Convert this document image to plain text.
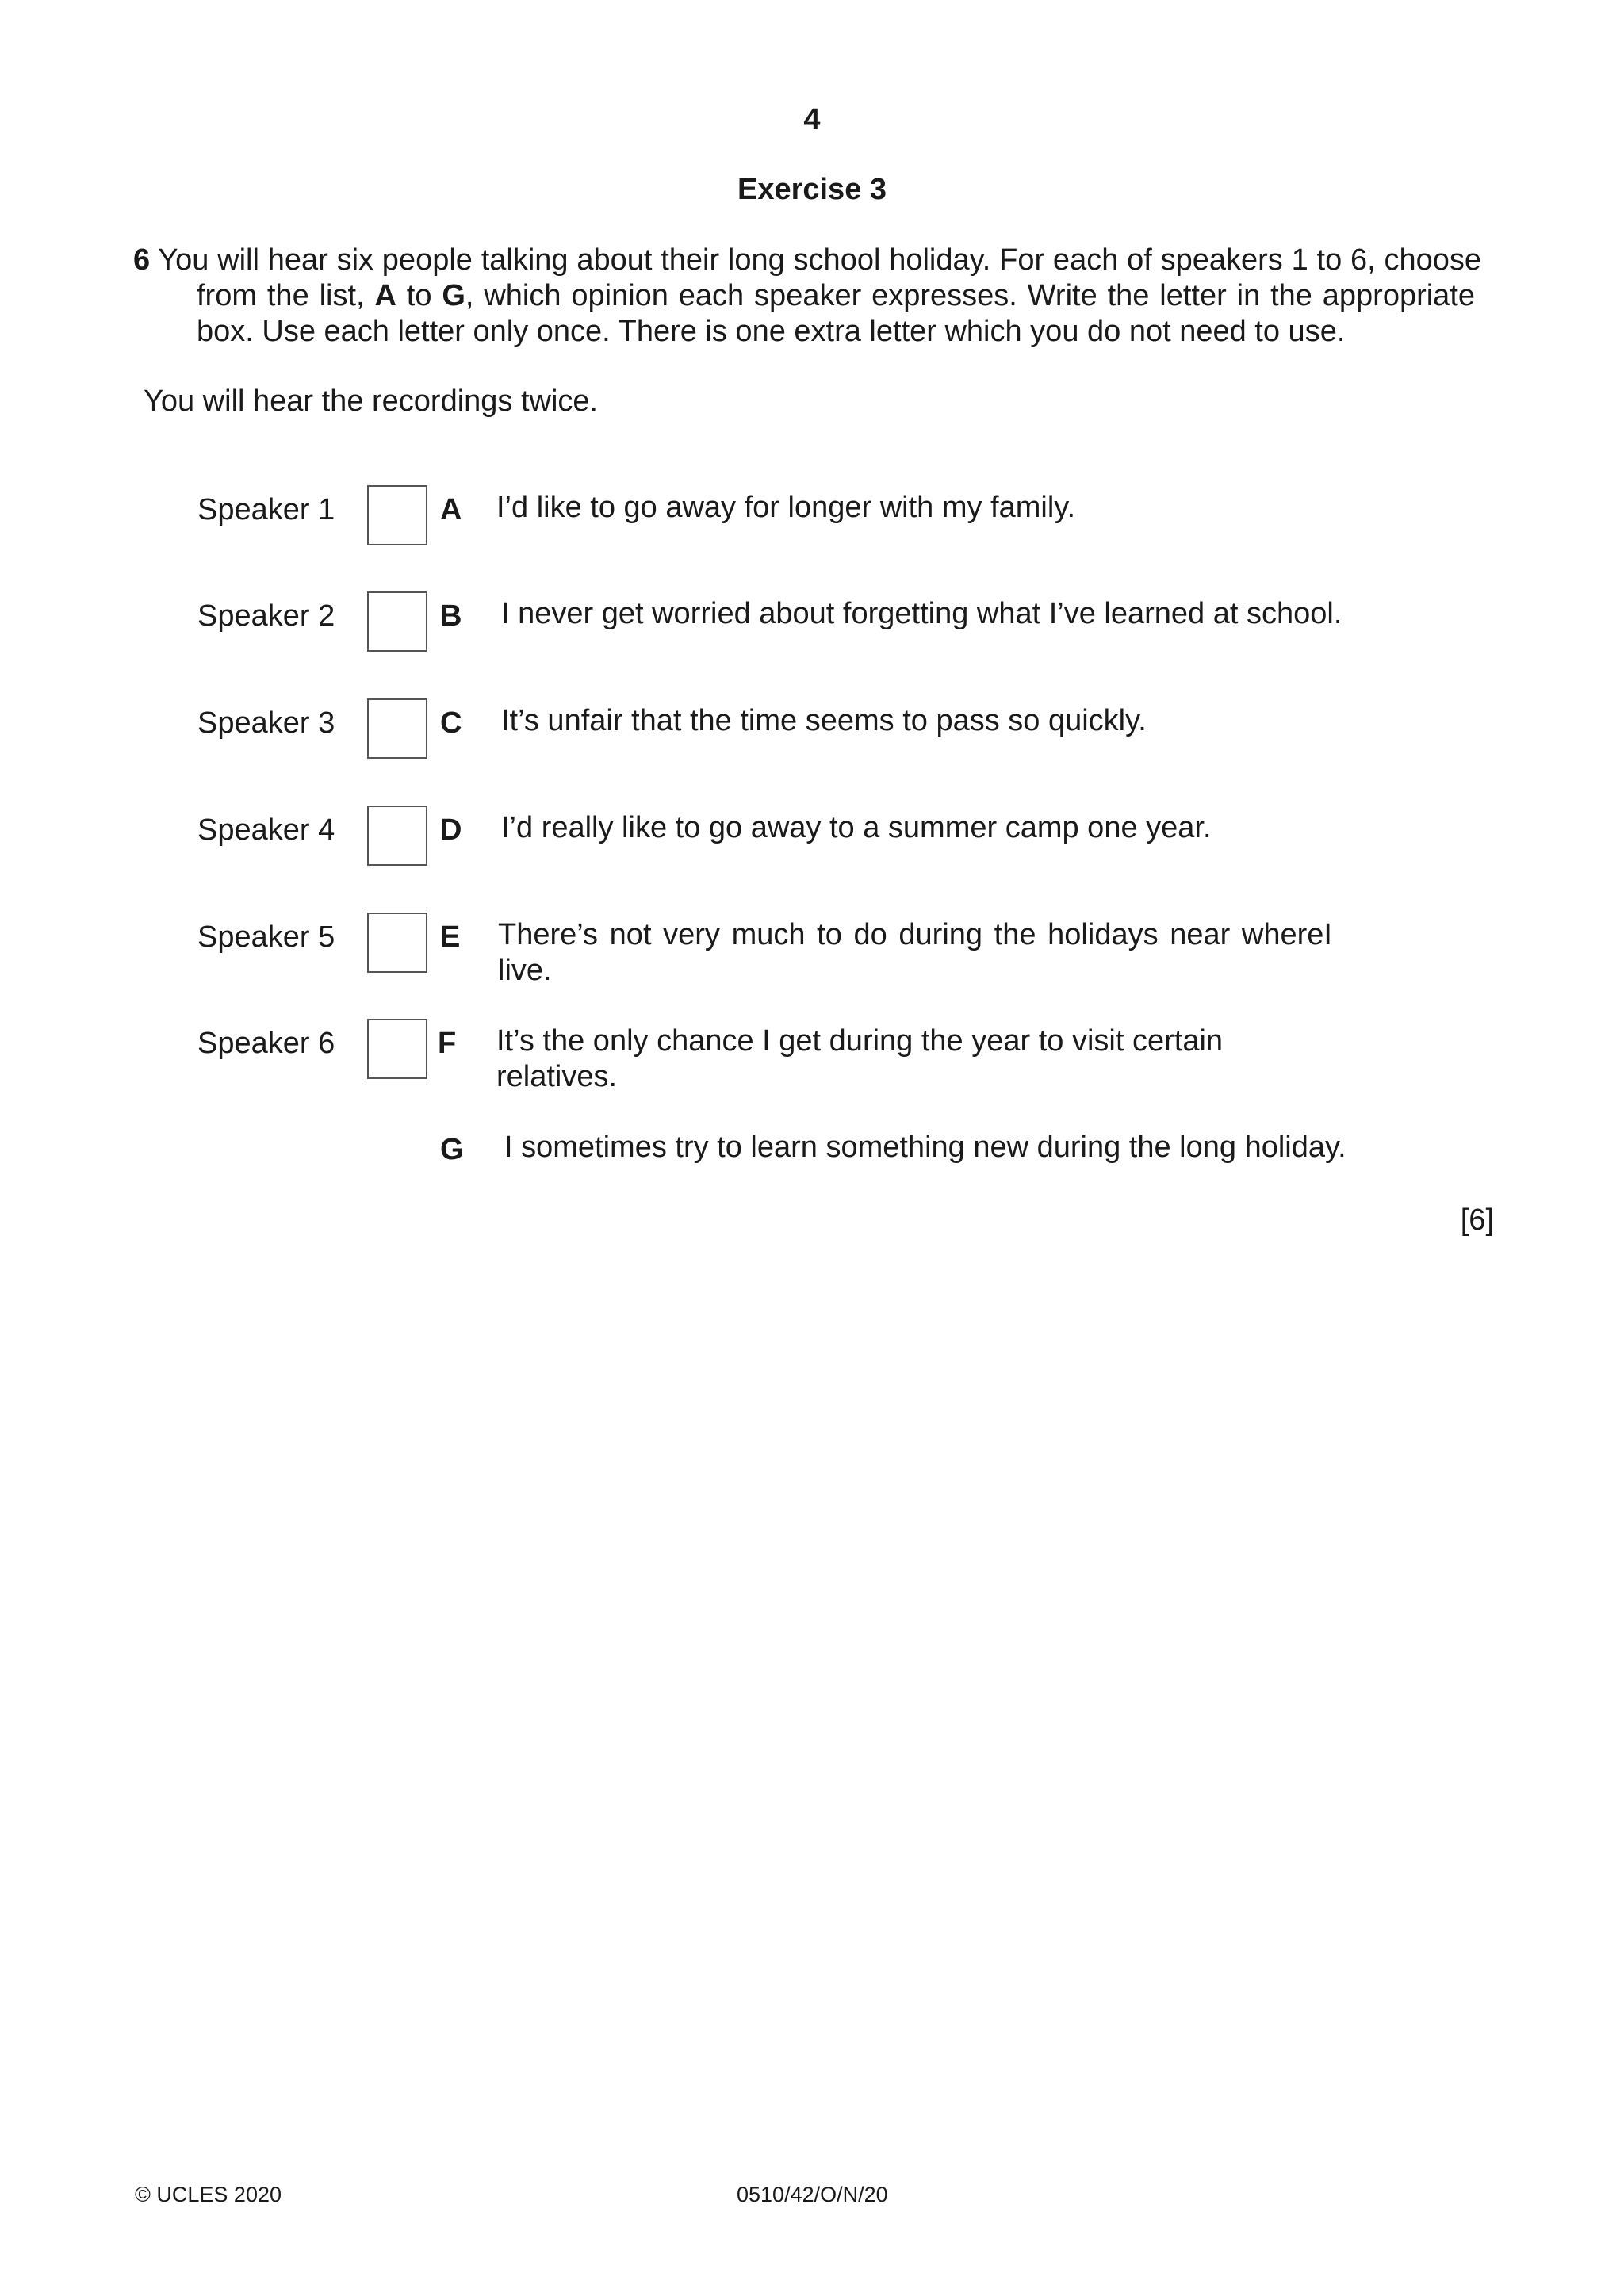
4
Exercise 3
6 You will hear six people talking about their long school holiday. For each of speakers 1 to 6, choose
from the list, A to G, which opinion each speaker expresses. Write the letter in the appropriate
box. Use each letter only once. There is one extra letter which you do not need to use.
You will hear the recordings twice.
Speaker 1
Speaker 2
Speaker 3
Speaker 4
Speaker 5
Speaker 6
A I’d like to go away for longer with my family.
B I never get worried about forgetting what I’ve learned at school.
C It’s unfair that the time seems to pass so quickly.
D I’d really like to go away to a summer camp one year.
E There’s not very much to do during the holidays near whereI
live.
F It’s the only chance I get during the year to visit certain
relatives.
G I sometimes try to learn something new during the long holiday.
[6]
© UCLES 2020	0510/42/O/N/20
